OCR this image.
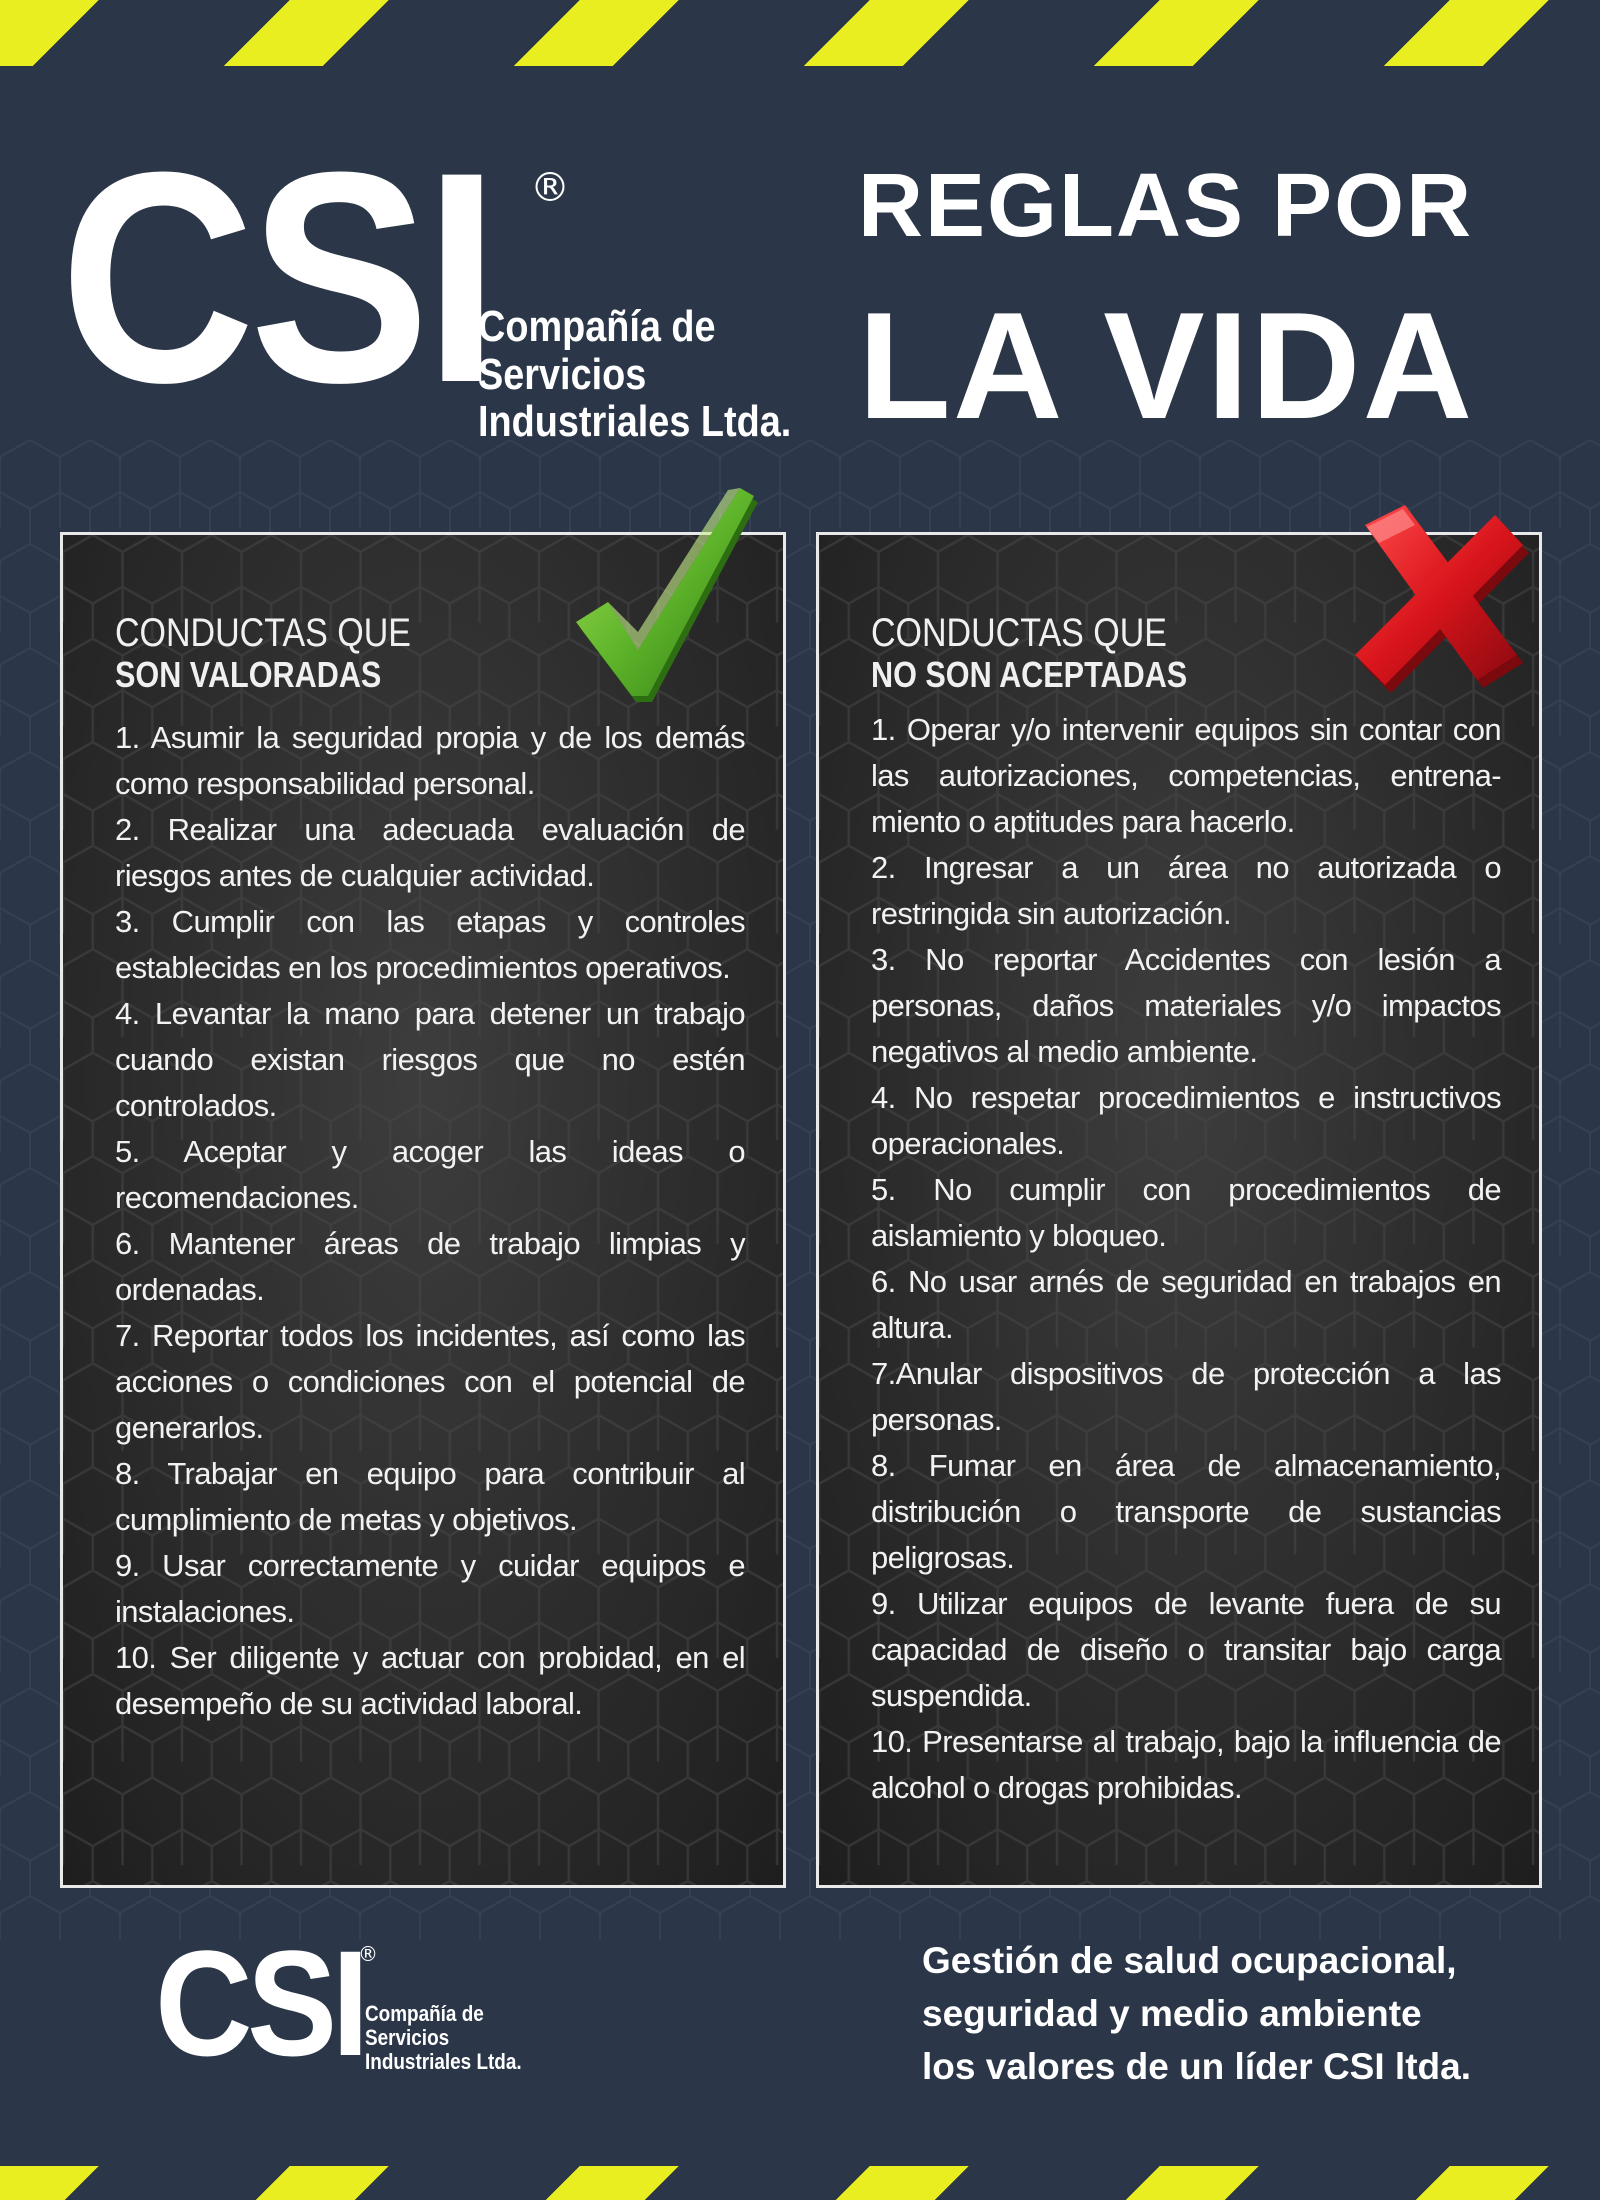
CSI ®
Compañía de
Servicios
Industriales Ltda.
REGLAS POR
LA VIDA
CONDUCTAS QUE
SON VALORADAS
1. Asumir la seguridad propia y de los demás como responsabilidad personal.
2. Realizar una adecuada evaluación de riesgos antes de cualquier actividad.
3. Cumplir con las etapas y controles establecidas en los procedimientos operativos.
4. Levantar la mano para detener un trabajo cuando existan riesgos que no estén controlados.
5. Aceptar y acoger las ideas o recomendaciones.
6. Mantener áreas de trabajo limpias y ordenadas.
7. Reportar todos los incidentes, así como las acciones o condiciones con el potencial de generarlos.
8. Trabajar en equipo para contribuir al cumplimiento de metas y objetivos.
9. Usar correctamente y cuidar equipos e instalaciones.
10. Ser diligente y actuar con probidad, en el desempeño de su actividad laboral.
CONDUCTAS QUE
NO SON ACEPTADAS
1. Operar y/o intervenir equipos sin contar con las autorizaciones, competencias, entrena-miento o aptitudes para hacerlo.
2. Ingresar a un área no autorizada o restringida sin autorización.
3. No reportar Accidentes con lesión a personas, daños materiales y/o impactos negativos al medio ambiente.
4. No respetar procedimientos e instructivos operacionales.
5. No cumplir con procedimientos de aislamiento y bloqueo.
6. No usar arnés de seguridad en trabajos en altura.
7.Anular dispositivos de protección a las personas.
8. Fumar en área de almacenamiento, distribución o transporte de sustancias peligrosas.
9. Utilizar equipos de levante fuera de su capacidad de diseño o transitar bajo carga suspendida.
10. Presentarse al trabajo, bajo la influencia de alcohol o drogas prohibidas.
CSI
®
Compañía de
Servicios
Industriales Ltda.
Gestión de salud ocupacional,
seguridad y medio ambiente
los valores de un líder CSI ltda.
